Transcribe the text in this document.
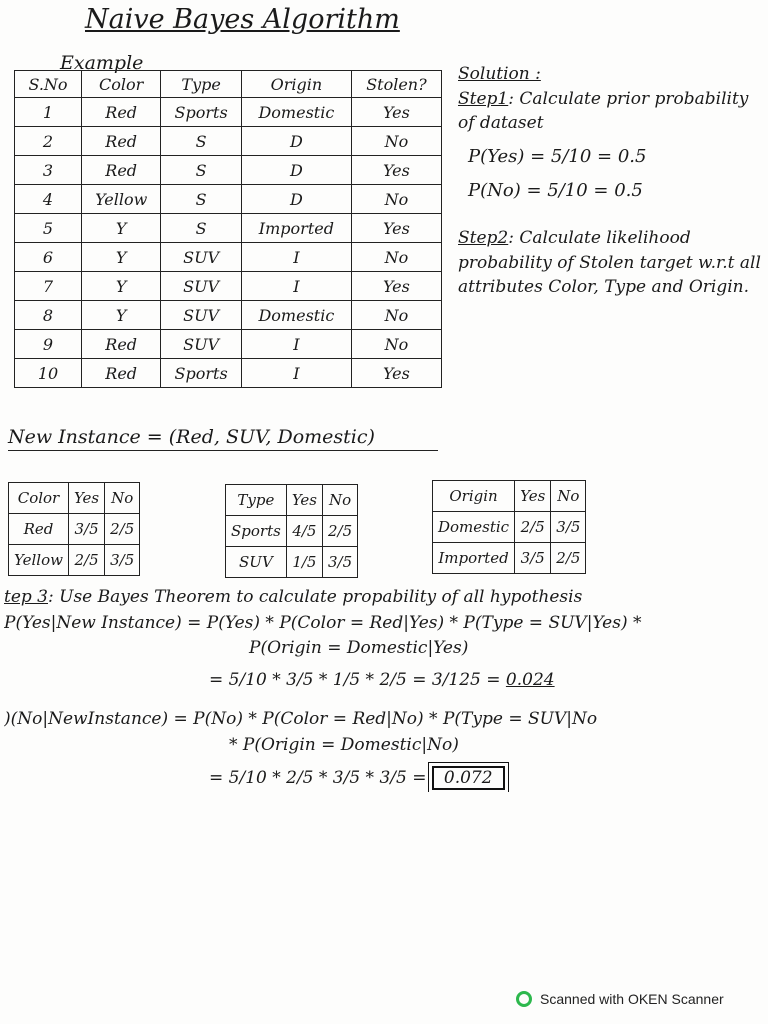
Naive Bayes Algorithm
Example
S.No	Color	Type	Origin	Stolen?
1	Red	Sports	Domestic	Yes
2	Red	S	D	No
3	Red	S	D	Yes
4	Yellow	S	D	No
5	Y	S	Imported	Yes
6	Y	SUV	I	No
7	Y	SUV	I	Yes
8	Y	SUV	Domestic	No
9	Red	SUV	I	No
10	Red	Sports	I	Yes
New Instance = (Red, SUV, Domestic)
Solution :
Step1: Calculate prior probability of dataset
P(Yes) = 5/10 = 0.5
P(No) = 5/10 = 0.5
Step2: Calculate likelihood probability of Stolen target w.r.t all attributes Color, Type and Origin.
Color	Yes	No
Red	3/5	2/5
Yellow	2/5	3/5
Type	Yes	No
Sports	4/5	2/5
SUV	1/5	3/5
Origin	Yes	No
Domestic	2/5	3/5
Imported	3/5	2/5
tep 3: Use Bayes Theorem to calculate propability of all hypothesis
P(Yes|New Instance) = P(Yes) * P(Color = Red|Yes) * P(Type = SUV|Yes) *
P(Origin = Domestic|Yes)
= 5/10 * 3/5 * 1/5 * 2/5 = 3/125 = 0.024
)(No|NewInstance) = P(No) * P(Color = Red|No) * P(Type = SUV|No
* P(Origin = Domestic|No)
= 5/10 * 2/5 * 3/5 * 3/5 = 0.072
Scanned with OKEN Scanner
